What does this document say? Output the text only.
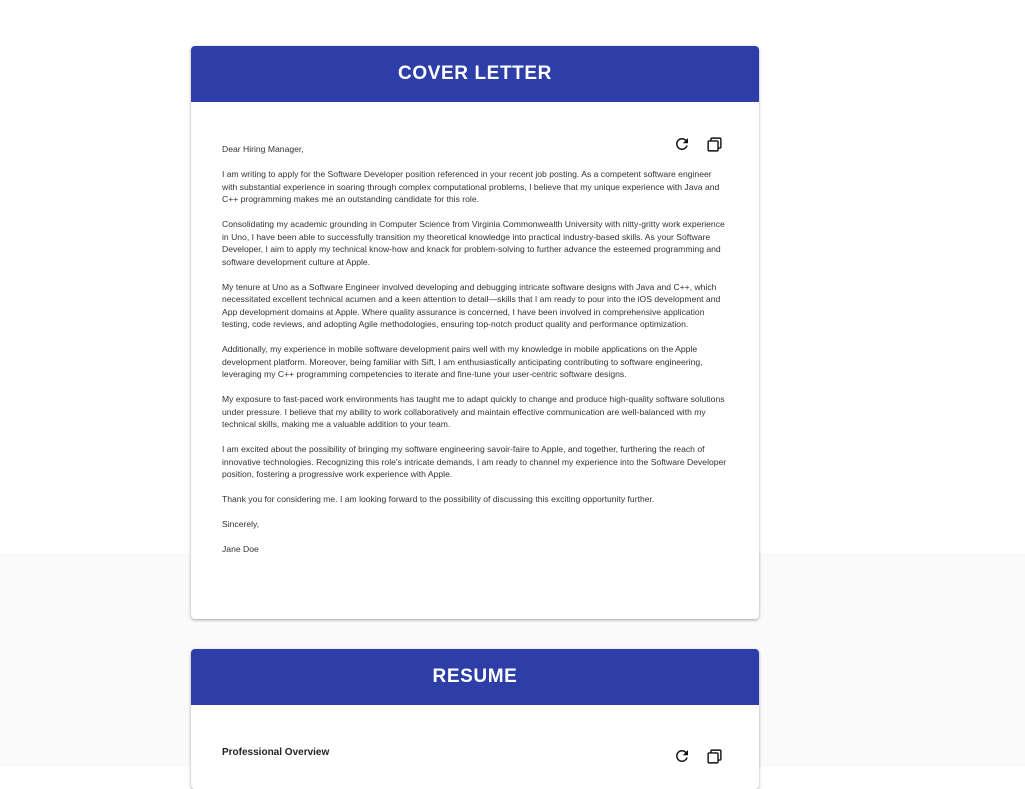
COVER LETTER

Dear Hiring Manager,

I am writing to apply for the Software Developer position referenced in your recent job posting. As a competent software engineer with substantial experience in soaring through complex computational problems, I believe that my unique experience with Java and C++ programming makes me an outstanding candidate for this role.

Consolidating my academic grounding in Computer Science from Virginia Commonwealth University with nitty-gritty work experience in Uno, I have been able to successfully transition my theoretical knowledge into practical industry-based skills. As your Software Developer, I aim to apply my technical know-how and knack for problem-solving to further advance the esteemed programming and software development culture at Apple.

My tenure at Uno as a Software Engineer involved developing and debugging intricate software designs with Java and C++, which necessitated excellent technical acumen and a keen attention to detail—skills that I am ready to pour into the iOS development and App development domains at Apple. Where quality assurance is concerned, I have been involved in comprehensive application testing, code reviews, and adopting Agile methodologies, ensuring top-notch product quality and performance optimization.

Additionally, my experience in mobile software development pairs well with my knowledge in mobile applications on the Apple development platform. Moreover, being familiar with Sift, I am enthusiastically anticipating contributing to software engineering, leveraging my C++ programming competencies to iterate and fine-tune your user-centric software designs.

My exposure to fast-paced work environments has taught me to adapt quickly to change and produce high-quality software solutions under pressure. I believe that my ability to work collaboratively and maintain effective communication are well-balanced with my technical skills, making me a valuable addition to your team.

I am excited about the possibility of bringing my software engineering savoir-faire to Apple, and together, furthering the reach of innovative technologies. Recognizing this role's intricate demands, I am ready to channel my experience into the Software Developer position, fostering a progressive work experience with Apple.

Thank you for considering me. I am looking forward to the possibility of discussing this exciting opportunity further.

Sincerely,

Jane Doe

RESUME

Professional Overview
